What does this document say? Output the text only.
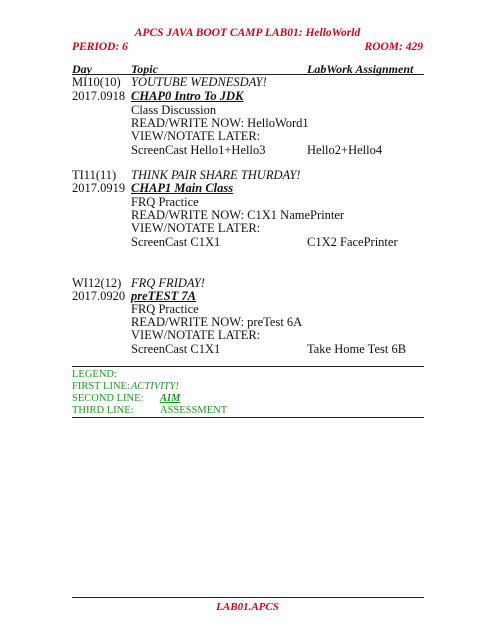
APCS JAVA BOOT CAMP LAB01: HelloWorld
PERIOD: 6	ROOM: 429
Day	Topic	LabWork Assignment
MI10(10) YOUTUBE WEDNESDAY!
2017.0918 CHAP0 Intro To JDK
Class Discussion
READ/WRITE NOW: HelloWord1
VIEW/NOTATE LATER:
ScreenCast Hello1+Hello3	Hello2+Hello4
TI11(11) THINK PAIR SHARE THURDAY!
2017.0919 CHAP1 Main Class
FRQ Practice
READ/WRITE NOW: C1X1 NamePrinter
VIEW/NOTATE LATER:
ScreenCast C1X1	C1X2 FacePrinter
WI12(12) FRQ FRIDAY!
2017.0920 preTEST 7A
FRQ Practice
READ/WRITE NOW: preTest 6A
VIEW/NOTATE LATER:
ScreenCast C1X1	Take Home Test 6B
LEGEND:
FIRST LINE: ACTIVITY!
SECOND LINE: AIM
THIRD LINE:	ASSESSMENT
LAB01.APCS
